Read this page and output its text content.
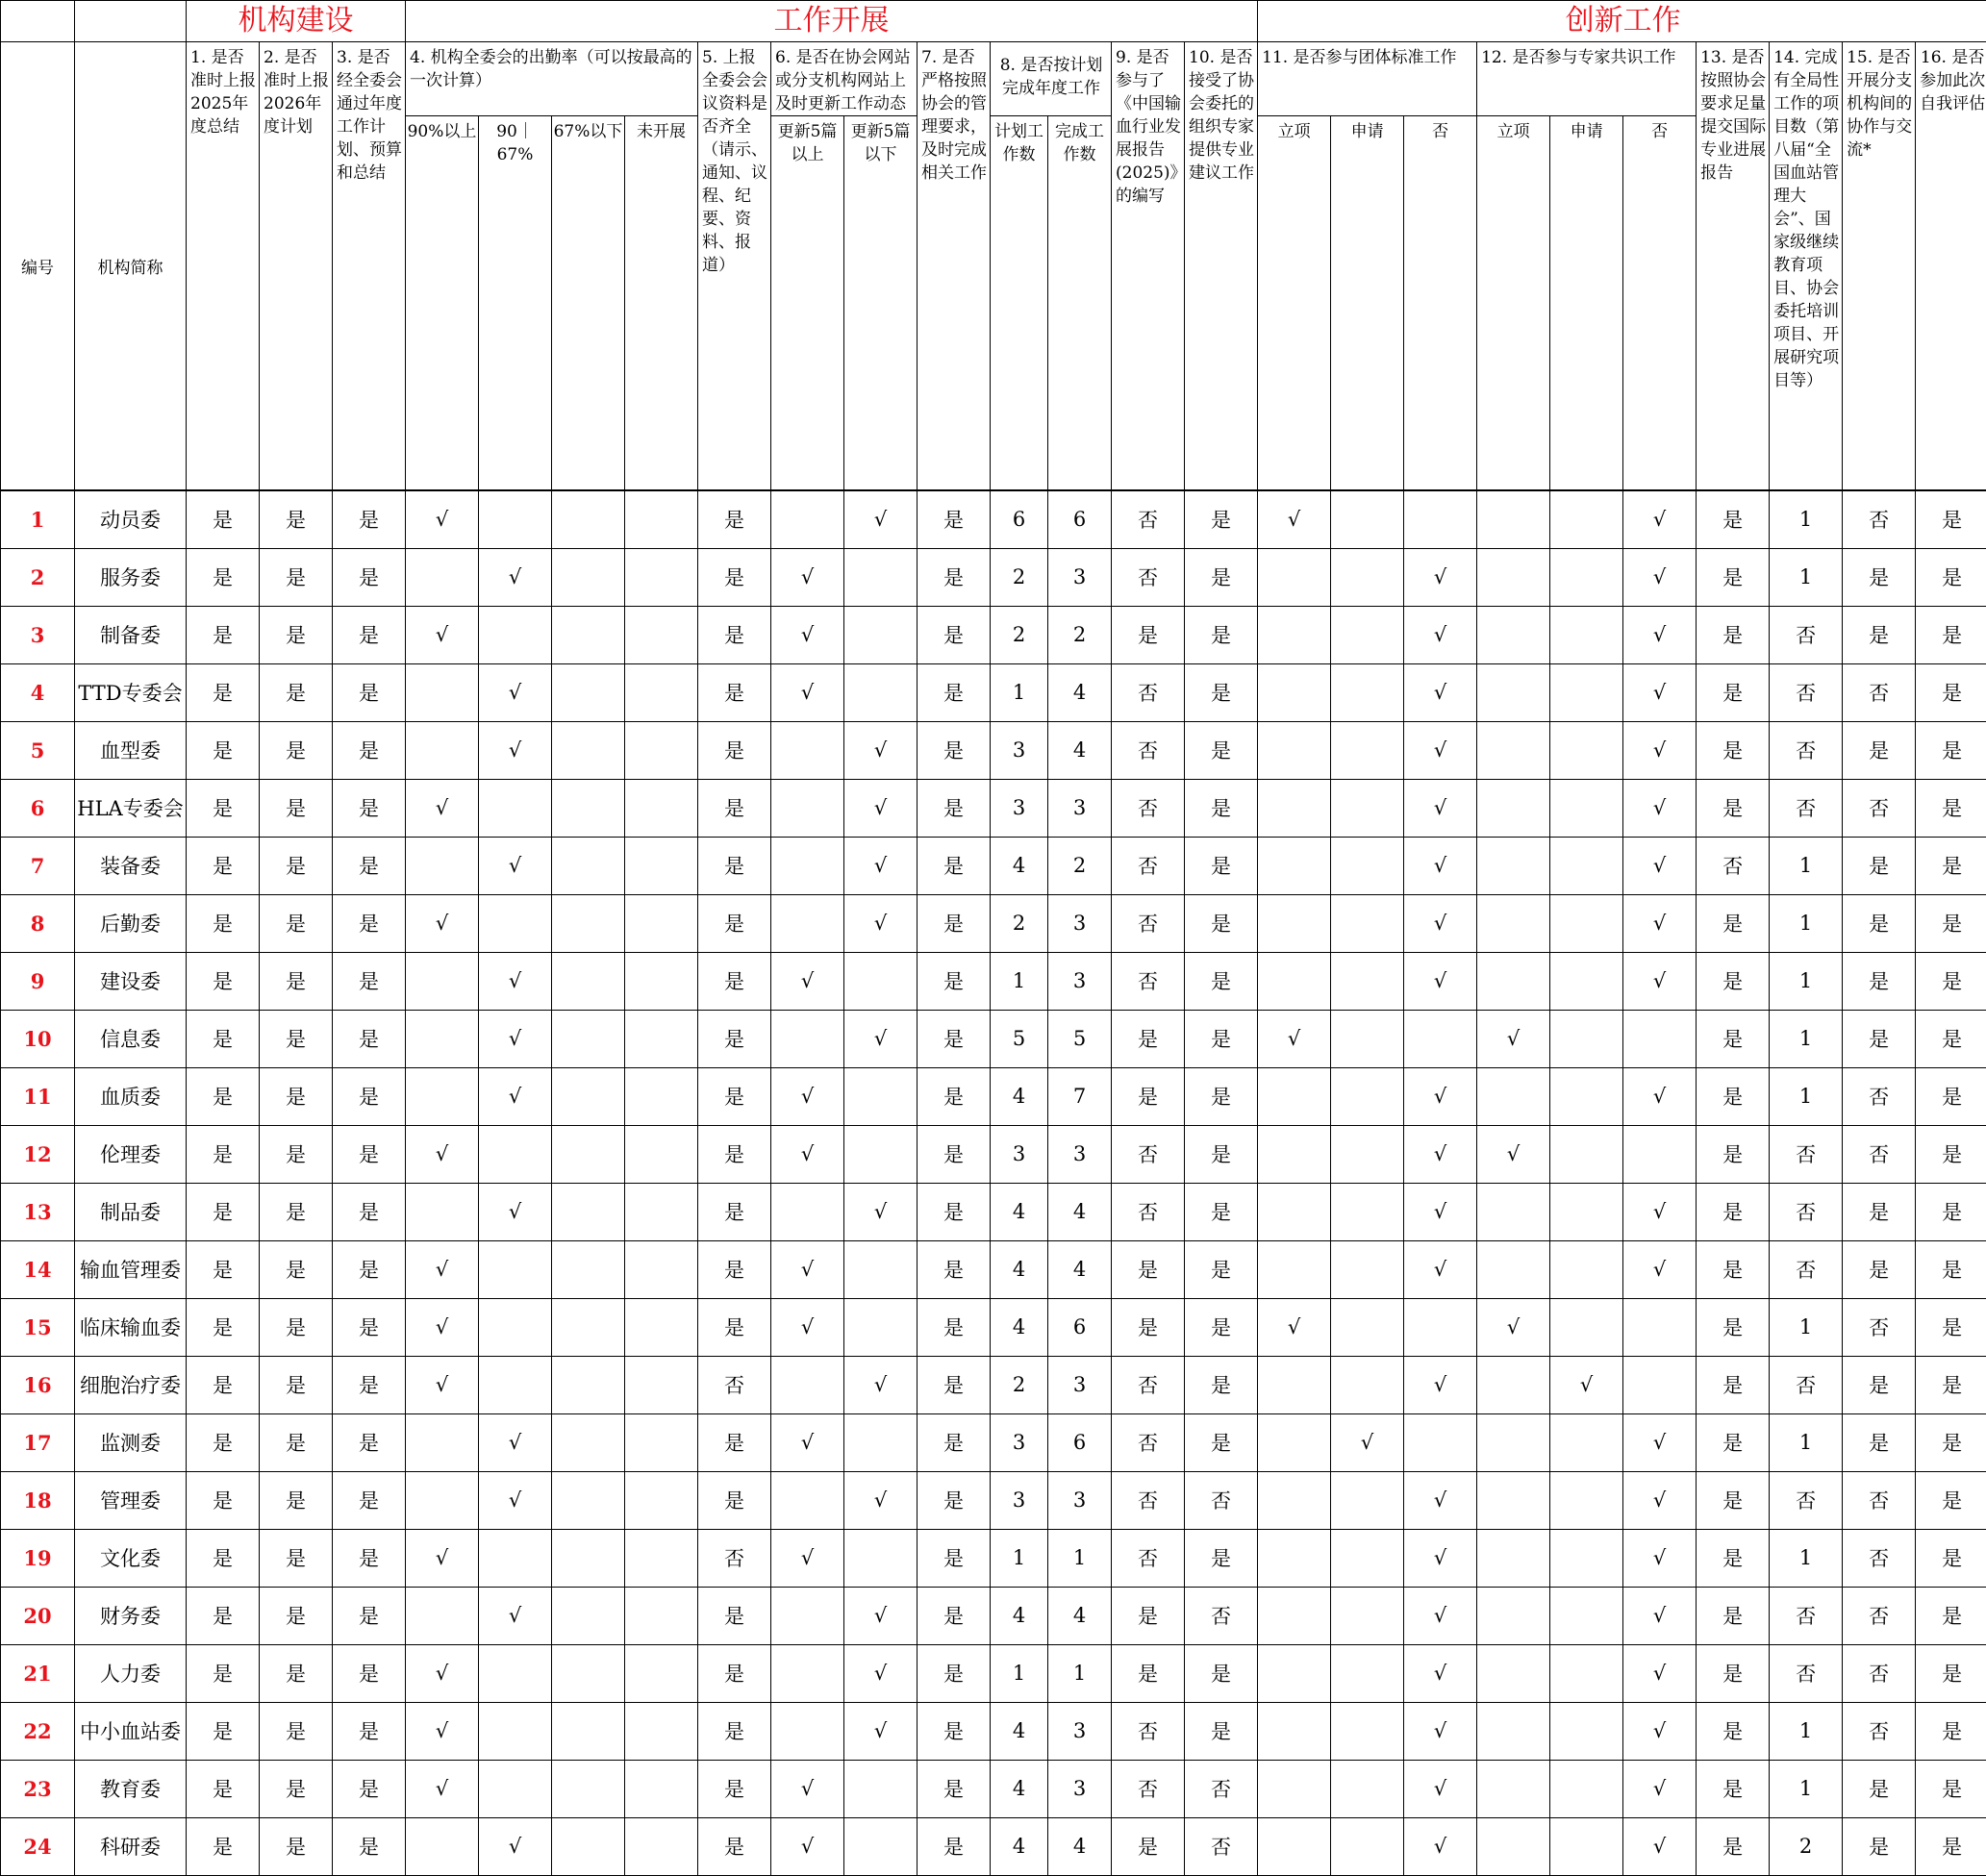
		机构建设			工作开展												创新工作									
编号	机构简称	1. 是否准时上报2025年度总结	2. 是否准时上报2026年度计划	3. 是否经全委会通过年度工作计划、预算和总结	4. 机构全委会的出勤率（可以按最高的一次计算）				5. 上报全委会会议资料是否齐全（请示、通知、议程、纪要、资料、报道）	6. 是否在协会网站或分支机构网站上及时更新工作动态		7. 是否严格按照协会的管理要求，及时完成相关工作	8. 是否按计划完成年度工作		9. 是否参与了《中国输血行业发展报告(2025)》的编写	10. 是否接受了协会委托的组织专家提供专业建议工作	11. 是否参与团体标准工作			12. 是否参与专家共识工作			13. 是否按照协会要求足量提交国际专业进展报告	14. 完成有全局性工作的项目数（第八届“全国血站管理大会”、国家级继续教育项目、协会委托培训项目、开展研究项目等）	15. 是否开展分支机构间的协作与交流*	16. 是否参加此次自我评估
					90%以上	90｜67%	67%以下	未开展		更新5篇以上	更新5篇以下		计划工作数	完成工作数			立项	申请	否	立项	申请	否				
1	动员委	是	是	是	√				是		√	是	6	6	否	是	√					√	是	1	否	是
2	服务委	是	是	是		√			是	√		是	2	3	否	是			√			√	是	1	是	是
3	制备委	是	是	是	√				是	√		是	2	2	是	是			√			√	是	否	是	是
4	TTD专委会	是	是	是		√			是	√		是	1	4	否	是			√			√	是	否	否	是
5	血型委	是	是	是		√			是		√	是	3	4	否	是			√			√	是	否	是	是
6	HLA专委会	是	是	是	√				是		√	是	3	3	否	是			√			√	是	否	否	是
7	装备委	是	是	是		√			是		√	是	4	2	否	是			√			√	否	1	是	是
8	后勤委	是	是	是	√				是		√	是	2	3	否	是			√			√	是	1	是	是
9	建设委	是	是	是		√			是	√		是	1	3	否	是			√			√	是	1	是	是
10	信息委	是	是	是		√			是		√	是	5	5	是	是	√			√			是	1	是	是
11	血质委	是	是	是		√			是	√		是	4	7	是	是			√			√	是	1	否	是
12	伦理委	是	是	是	√				是	√		是	3	3	否	是			√	√			是	否	否	是
13	制品委	是	是	是		√			是		√	是	4	4	否	是			√			√	是	否	是	是
14	输血管理委	是	是	是	√				是	√		是	4	4	是	是			√			√	是	否	是	是
15	临床输血委	是	是	是	√				是	√		是	4	6	是	是	√			√			是	1	否	是
16	细胞治疗委	是	是	是	√				否		√	是	2	3	否	是			√		√		是	否	是	是
17	监测委	是	是	是		√			是	√		是	3	6	否	是		√				√	是	1	是	是
18	管理委	是	是	是		√			是		√	是	3	3	否	否			√			√	是	否	否	是
19	文化委	是	是	是	√				否	√		是	1	1	否	是			√			√	是	1	否	是
20	财务委	是	是	是		√			是		√	是	4	4	是	否			√			√	是	否	否	是
21	人力委	是	是	是	√				是		√	是	1	1	是	是			√			√	是	否	否	是
22	中小血站委	是	是	是	√				是		√	是	4	3	否	是			√			√	是	1	否	是
23	教育委	是	是	是	√				是	√		是	4	3	否	否			√			√	是	1	是	是
24	科研委	是	是	是		√			是	√		是	4	4	是	否			√			√	是	2	是	是
